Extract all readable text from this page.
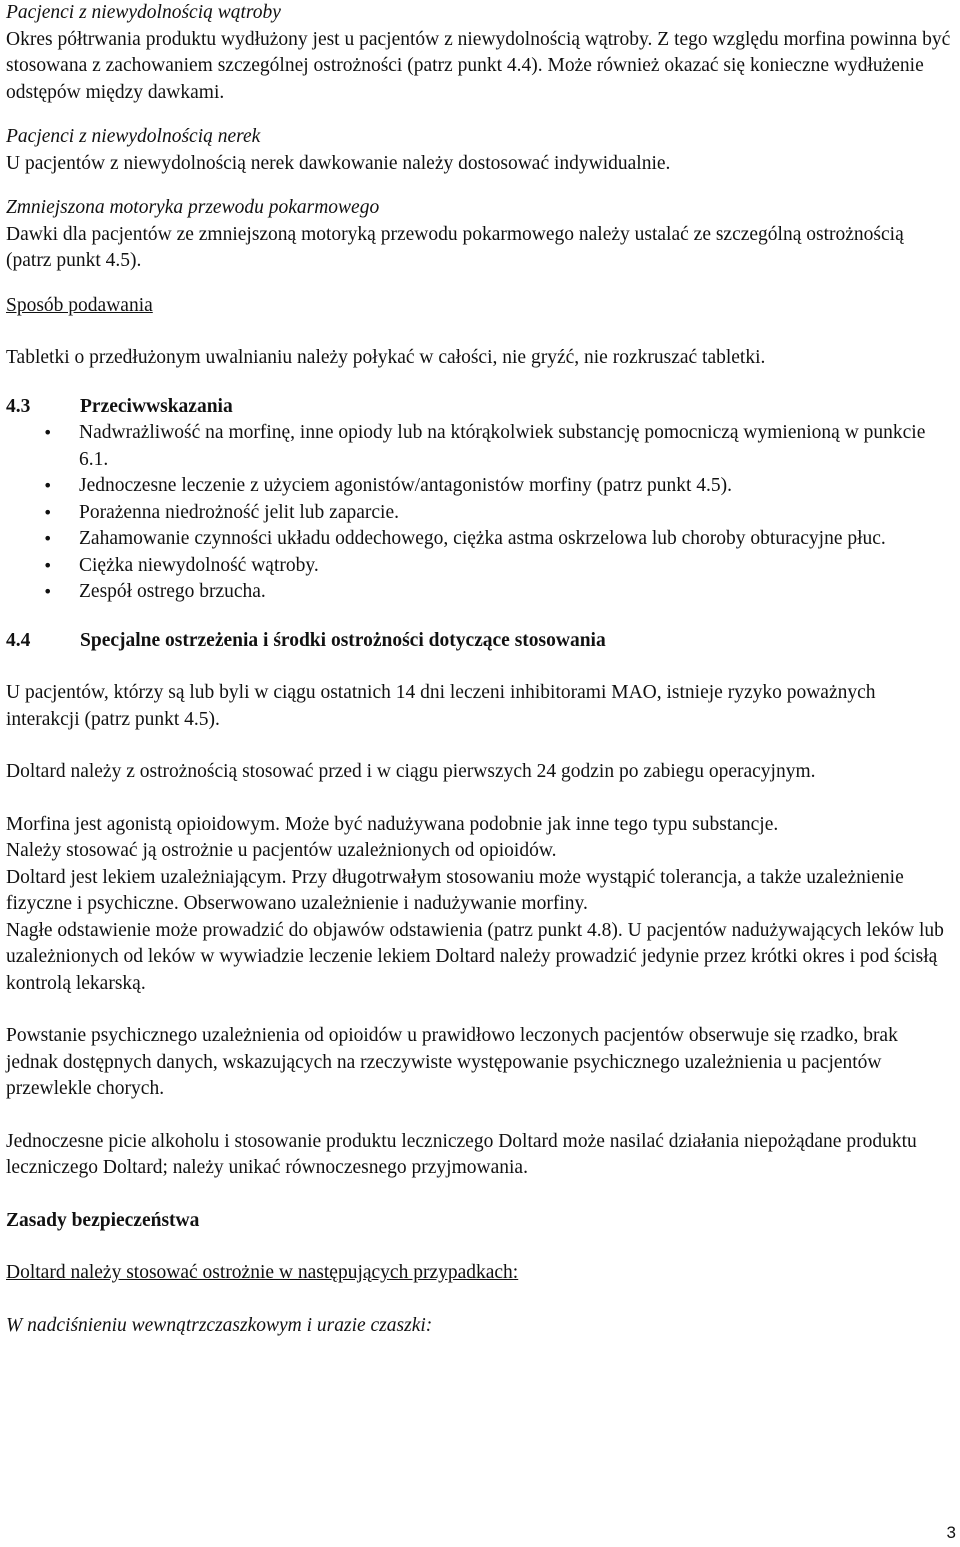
Pacjenci z niewydolnością wątroby

Okres półtrwania produktu wydłużony jest u pacjentów z niewydolnością wątroby. Z tego względu morfina powinna być stosowana z zachowaniem szczególnej ostrożności (patrz punkt 4.4). Może również okazać się konieczne wydłużenie odstępów między dawkami.

Pacjenci z niewydolnością nerek

U pacjentów z niewydolnością nerek dawkowanie należy dostosować indywidualnie.

Zmniejszona motoryka przewodu pokarmowego

Dawki dla pacjentów ze zmniejszoną motoryką przewodu pokarmowego należy ustalać ze szczególną ostrożnością (patrz punkt 4.5).

Sposób podawania

Tabletki o przedłużonym uwalnianiu należy połykać w całości, nie gryźć, nie rozkruszać tabletki.

4.3	Przeciwwskazania

• Nadwrażliwość na morfinę, inne opiody lub na którąkolwiek substancję pomocniczą wymienioną w punkcie 6.1.
• Jednoczesne leczenie z użyciem agonistów/antagonistów morfiny (patrz punkt 4.5).
• Porażenna niedrożność jelit lub zaparcie.
• Zahamowanie czynności układu oddechowego, ciężka astma oskrzelowa lub choroby obturacyjne płuc.
• Ciężka niewydolność wątroby.
• Zespół ostrego brzucha.

4.4	Specjalne ostrzeżenia i środki ostrożności dotyczące stosowania

U pacjentów, którzy są lub byli w ciągu ostatnich 14 dni leczeni inhibitorami MAO, istnieje ryzyko poważnych interakcji (patrz punkt 4.5).

Doltard należy z ostrożnością stosować przed i w ciągu pierwszych 24 godzin po zabiegu operacyjnym.

Morfina jest agonistą opioidowym. Może być nadużywana podobnie jak inne tego typu substancje.

Należy stosować ją ostrożnie u pacjentów uzależnionych od opioidów.

Doltard jest lekiem uzależniającym. Przy długotrwałym stosowaniu może wystąpić tolerancja, a także uzależnienie fizyczne i psychiczne. Obserwowano uzależnienie i nadużywanie morfiny.

Nagłe odstawienie może prowadzić do objawów odstawienia (patrz punkt 4.8). U pacjentów nadużywających leków lub uzależnionych od leków w wywiadzie leczenie lekiem Doltard należy prowadzić jedynie przez krótki okres i pod ścisłą kontrolą lekarską.

Powstanie psychicznego uzależnienia od opioidów u prawidłowo leczonych pacjentów obserwuje się rzadko, brak jednak dostępnych danych, wskazujących na rzeczywiste występowanie psychicznego uzależnienia u pacjentów przewlekle chorych.

Jednoczesne picie alkoholu i stosowanie produktu leczniczego Doltard może nasilać działania niepożądane produktu leczniczego Doltard; należy unikać równoczesnego przyjmowania.

Zasady bezpieczeństwa

Doltard należy stosować ostrożnie w następujących przypadkach:

W nadciśnieniu wewnątrzczaszkowym i urazie czaszki:

3
